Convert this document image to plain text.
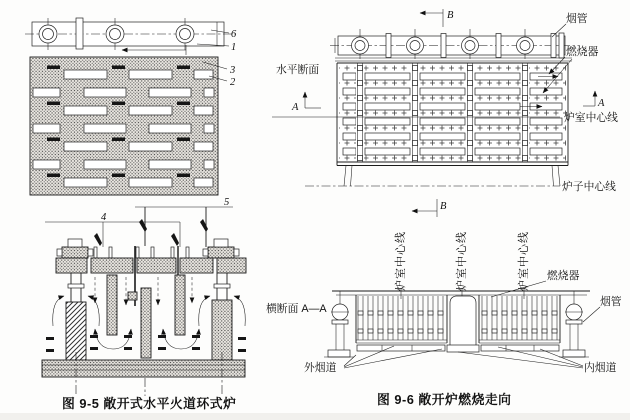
6
1
3
2
5
4
图 9-5 敞开式水平火道环式炉
B	烟管
炉室中心线
炉子中心线
水平断面
A	A
燃烧器
B
横断面 A—A
炉室中心线	炉室中心线	炉室中心线 燃烧器
烟管
外烟道	内烟道
图 9-6 敞开炉燃烧走向
